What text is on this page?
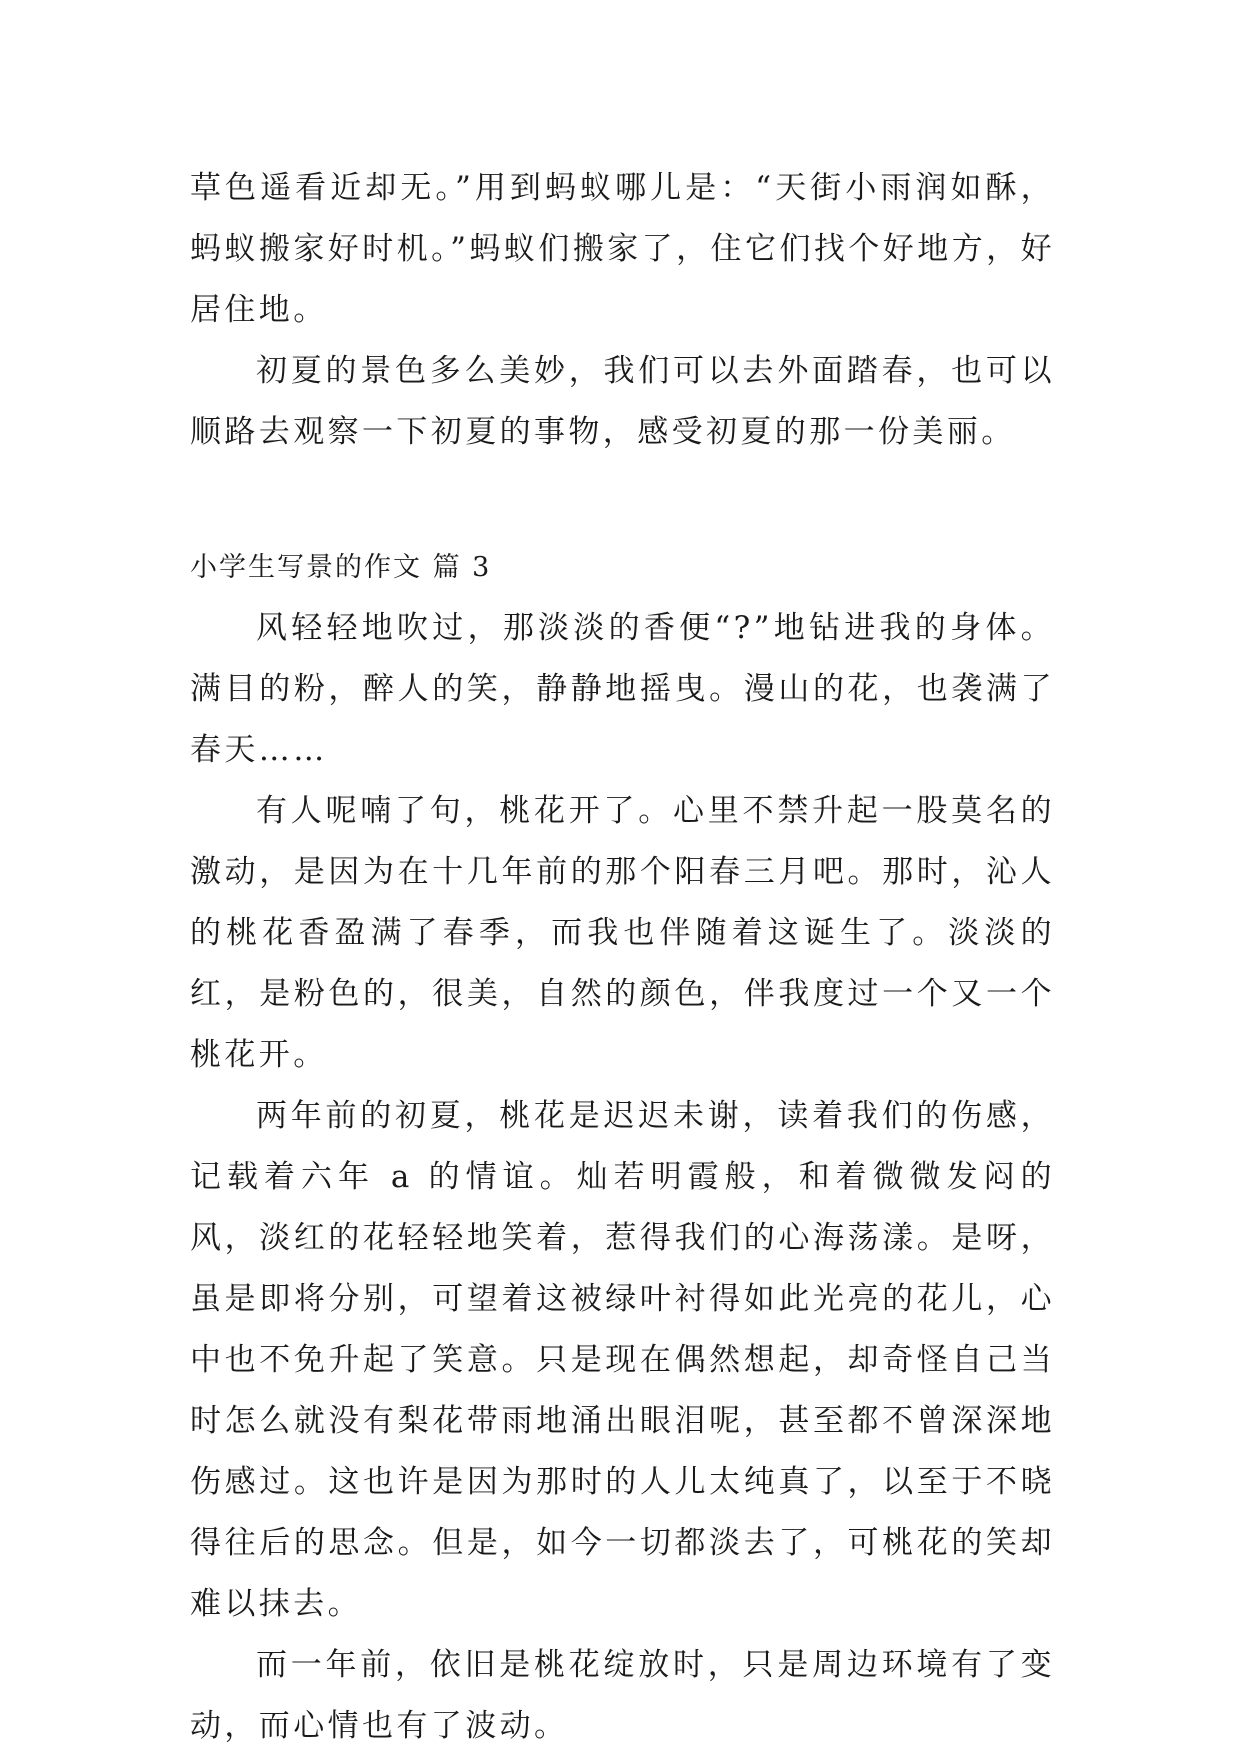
草色遥看近却无。”用到蚂蚁哪儿是：“天街小雨润如酥，蚂蚁搬家好时机。”蚂蚁们搬家了，住它们找个好地方，好居住地。

初夏的景色多么美妙，我们可以去外面踏春，也可以顺路去观察一下初夏的事物，感受初夏的那一份美丽。

小学生写景的作文 篇 3

风轻轻地吹过，那淡淡的香便“?”地钻进我的身体。满目的粉，醉人的笑，静静地摇曳。漫山的花，也袭满了春天……

有人呢喃了句，桃花开了。心里不禁升起一股莫名的激动，是因为在十几年前的那个阳春三月吧。那时，沁人的桃花香盈满了春季，而我也伴随着这诞生了。淡淡的红，是粉色的，很美，自然的颜色，伴我度过一个又一个桃花开。

两年前的初夏，桃花是迟迟未谢，读着我们的伤感，记载着六年 a 的情谊。灿若明霞般，和着微微发闷的风，淡红的花轻轻地笑着，惹得我们的心海荡漾。是呀，虽是即将分别，可望着这被绿叶衬得如此光亮的花儿，心中也不免升起了笑意。只是现在偶然想起，却奇怪自己当时怎么就没有梨花带雨地涌出眼泪呢，甚至都不曾深深地伤感过。这也许是因为那时的人儿太纯真了，以至于不晓得往后的思念。但是，如今一切都淡去了，可桃花的笑却难以抹去。

而一年前，依旧是桃花绽放时，只是周边环境有了变动，而心情也有了波动。
